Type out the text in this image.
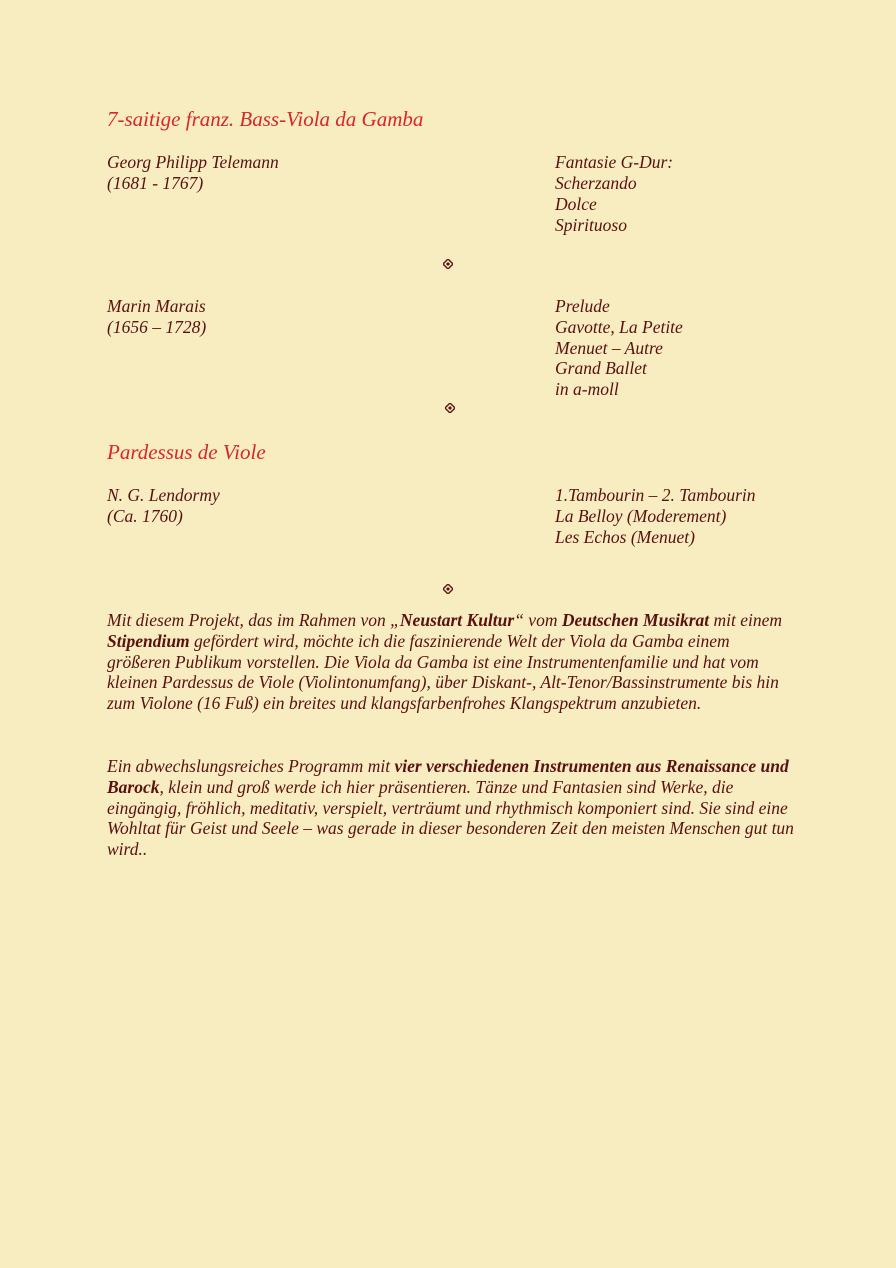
7-saitige franz. Bass-Viola da Gamba
Georg Philipp Telemann
(1681 - 1767)
Fantasie G-Dur:
Scherzando
Dolce
Spirituoso
Marin Marais
(1656 – 1728)
Prelude
Gavotte, La Petite
Menuet – Autre
Grand Ballet
in a-moll
Pardessus de Viole
N. G. Lendormy
(Ca. 1760)
1.Tambourin – 2. Tambourin
La Belloy (Moderement)
Les Echos (Menuet)

Mit diesem Projekt, das im Rahmen von „Neustart Kultur“ vom Deutschen Musikrat mit einem Stipendium gefördert wird, möchte ich die faszinierende Welt der Viola da Gamba einem größeren Publikum vorstellen. Die Viola da Gamba ist eine Instrumentenfamilie und hat vom kleinen Pardessus de Viole (Violintonumfang), über Diskant-, Alt-Tenor/Bassinstrumente bis hin zum Violone (16 Fuß) ein breites und klangsfarbenfrohes Klangspektrum anzubieten.

Ein abwechslungsreiches Programm mit vier verschiedenen Instrumenten aus Renaissance und Barock, klein und groß werde ich hier präsentieren. Tänze und Fantasien sind Werke, die eingängig, fröhlich, meditativ, verspielt, verträumt und rhythmisch komponiert sind. Sie sind eine Wohltat für Geist und Seele – was gerade in dieser besonderen Zeit den meisten Menschen gut tun wird..
